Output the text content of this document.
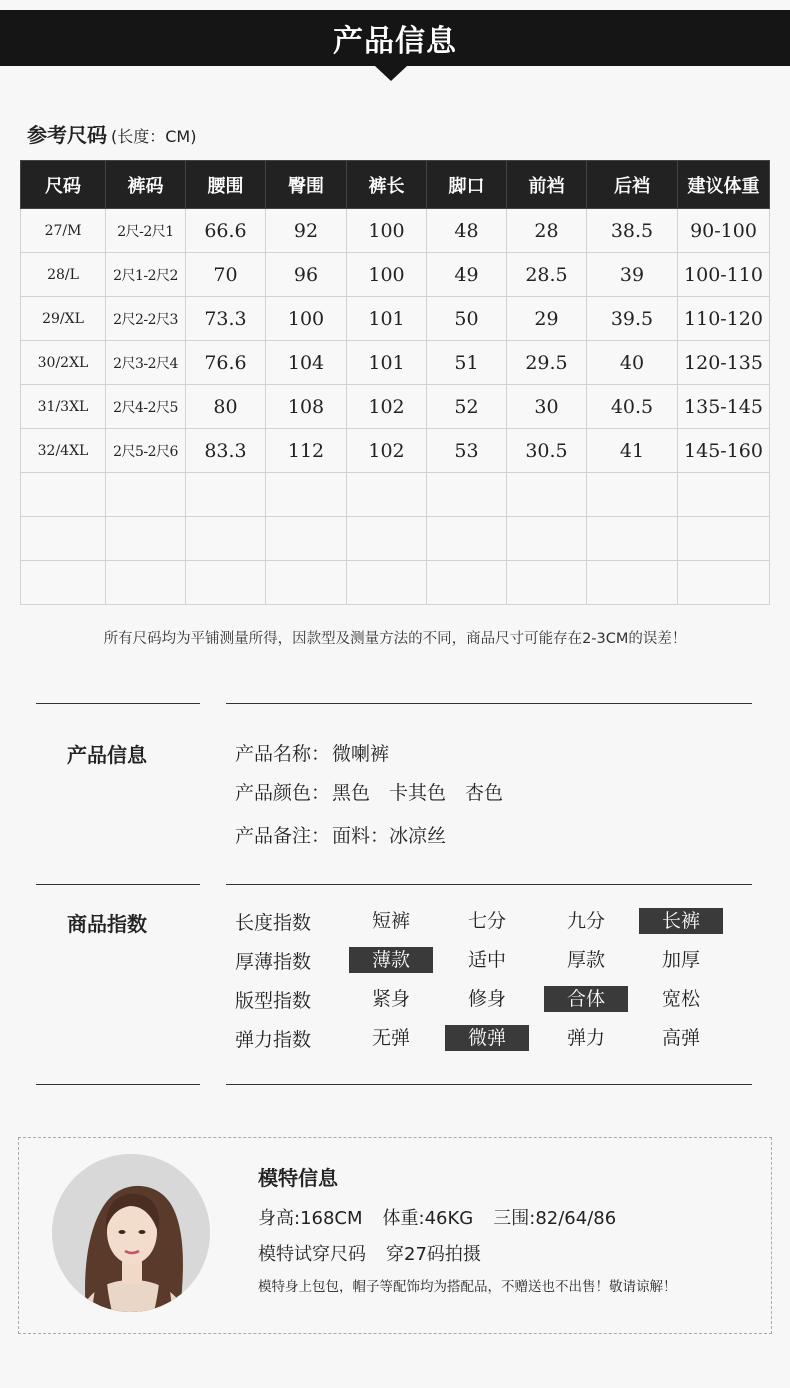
产品信息
参考尺码 (长度：CM)
尺码	裤码	腰围	臀围	裤长	脚口	前裆	后裆	建议体重
27/M	2尺-2尺1	66.6	92	100	48	28	38.5	90-100
28/L	2尺1-2尺2	70	96	100	49	28.5	39	100-110
29/XL	2尺2-2尺3	73.3	100	101	50	29	39.5	110-120
30/2XL	2尺3-2尺4	76.6	104	101	51	29.5	40	120-135
31/3XL	2尺4-2尺5	80	108	102	52	30	40.5	135-145
32/4XL	2尺5-2尺6	83.3	112	102	53	30.5	41	145-160

所有尺码均为平铺测量所得，因款型及测量方法的不同，商品尺寸可能存在2-3CM的误差！
产品信息	产品名称： 微喇裤
产品颜色： 黑色　卡其色　杏色
产品备注： 面料：冰凉丝
商品指数	长度指数	短裤	七分	九分	长裤
厚薄指数	薄款	适中	厚款	加厚
版型指数	紧身	修身	合体	宽松
弹力指数	无弹	微弹	弹力	高弹
模特信息
身高:168CM 体重:46KG 三围:82/64/86
模特试穿尺码 穿27码拍摄
模特身上包包，帽子等配饰均为搭配品，不赠送也不出售！敬请谅解！
